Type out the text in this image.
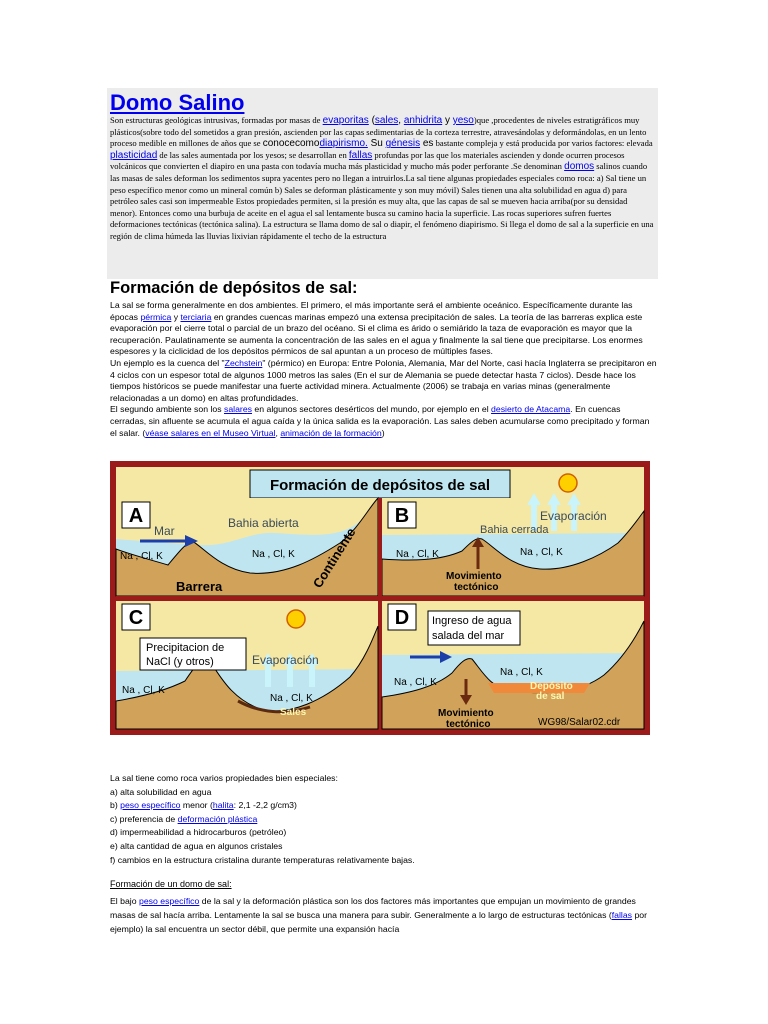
Domo Salino
Son estructuras geológicas intrusivas, formadas por masas de evaporitas (sales, anhidrita y yeso)que ,procedentes de niveles estratigráficos muy plásticos(sobre todo del sometidos a gran presión, ascienden por las capas sedimentarias de la corteza terrestre, atravesándolas y deformándolas, en un lento proceso medible en millones de años que se conocecomodiapirismo. Su génesis es bastante compleja y está producida por varios factores: elevada plasticidad de las sales aumentada por los yesos; se desarrollan en fallas profundas por las que los materiales ascienden y donde ocurren procesos volcánicos que convierten el diapiro en una pasta con todavía mucha más plasticidad y mucho más poder perforante .Se denominan domos salinos cuando las masas de sales deforman los sedimentos supra yacentes pero no llegan a intruirlos.La sal tiene algunas propiedades especiales como roca: a) Sal tiene un peso específico menor como un mineral común b) Sales se deforman plásticamente y son muy móvil) Sales tienen una alta solubilidad en agua d) para petróleo sales casi son impermeable Estos propiedades permiten, si la presión es muy alta, que las capas de sal se mueven hacia arriba(por su densidad menor). Entonces como una burbuja de aceite en el agua el sal lentamente busca su camino hacia la superficie. Las rocas superiores sufren fuertes deformaciones tectónicas (tectónica salina). La estructura se llama domo de sal o diapir, el fenómeno diapirismo. Si llega el domo de sal a la superficie en una región de clima húmeda las lluvias lixivian rápidamente el techo de la estructura
Formación de depósitos de sal:
La sal se forma generalmente en dos ambientes. El primero, el más importante será el ambiente oceánico. Específicamente durante las épocas pérmica y terciaria en grandes cuencas marinas empezó una extensa precipitación de sales. La teoría de las barreras explica este evaporación por el cierre total o parcial de un brazo del océano. Si el clima es árido o semiárido la taza de evaporación es mayor que la recuperación. Paulatinamente se aumenta la concentración de las sales en el agua y finalmente la sal tiene que precipitarse. Los enormes espesores y la ciclicidad de los depósitos pérmicos de sal apuntan a un proceso de múltiples fases.
Un ejemplo es la cuenca del "Zechstein" (pérmico) en Europa: Entre Polonia, Alemania, Mar del Norte, casi hacía Inglaterra se precipitaron en 4 ciclos con un espesor total de algunos 1000 metros las sales (En el sur de Alemania se puede detectar hasta 7 ciclos). Desde hace los tiempos históricos se puede manifestar una fuerte actividad minera. Actualmente (2006) se trabaja en varias minas (generalmente relacionadas a un domo) en altas profundidades.
El segundo ambiente son los salares en algunos sectores desérticos del mundo, por ejemplo en el desierto de Atacama. En cuencas cerradas, sin afluente se acumula el agua caída y la única salida es la evaporación. Las sales deben acumularse como precipitado y forman el salar. (véase salares en el Museo Virtual, animación de la formación)
Formación de depósitos de sal
A
Mar
Bahia abierta
Na , Cl, K	Na , Cl, K
Barrera	Continente
B	Evaporación
Bahia cerrada
Na , Cl, K	Na , Cl, K
Movimiento
tectónico
C
Precipitacion de
NaCl (y otros)	Evaporación
Na , Cl, K
Na , Cl, K
Sales
D Ingreso de agua
salada del mar
Na , Cl, K
Na , Cl, K
Depósito
de sal
Movimiento
tectónico	WG98/Salar02.cdr

La sal tiene como roca varios propiedades bien especiales:

a) alta solubilidad en agua

b) peso específico menor (halita: 2,1 -2,2 g/cm3)

c) preferencia de deformación plástica

d) impermeabilidad a hidrocarburos (petróleo)

e) alta cantidad de agua en algunos cristales

f) cambios en la estructura cristalina durante temperaturas relativamente bajas.

Formación de un domo de sal:
El bajo peso específico de la sal y la deformación plástica son los dos factores más importantes que empujan un movimiento de grandes masas de sal hacía arriba. Lentamente la sal se busca una manera para subir. Generalmente a lo largo de estructuras tectónicas (fallas por ejemplo) la sal encuentra un sector débil, que permite una expansión hacía
